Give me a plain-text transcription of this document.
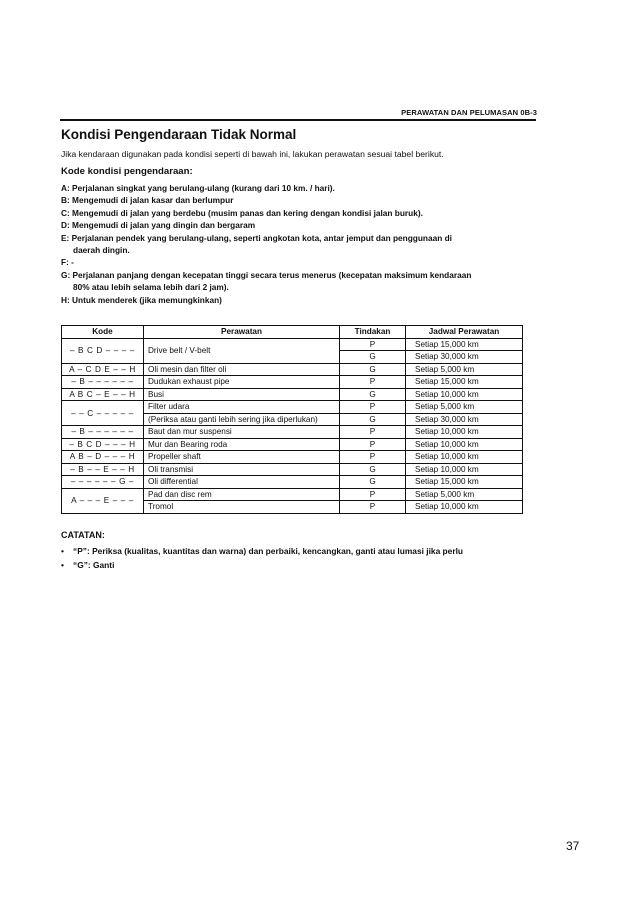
PERAWATAN DAN PELUMASAN 0B-3
Kondisi Pengendaraan Tidak Normal
Jika kendaraan digunakan pada kondisi seperti di bawah ini, lakukan perawatan sesuai tabel berikut.
Kode kondisi pengendaraan:
A: Perjalanan singkat yang berulang-ulang (kurang dari 10 km. / hari).
B: Mengemudi di jalan kasar dan berlumpur
C: Mengemudi di jalan yang berdebu (musim panas dan kering dengan kondisi jalan buruk).
D: Mengemudi di jalan yang dingin dan bergaram
E: Perjalanan pendek yang berulang-ulang, seperti angkotan kota, antar jemput dan penggunaan di
daerah dingin.
F: -
G: Perjalanan panjang dengan kecepatan tinggi secara terus menerus (kecepatan maksimum kendaraan
80% atau lebih selama lebih dari 2 jam).
H: Untuk menderek (jika memungkinkan)
Kode	Perawatan	Tindakan	Jadwal Perawatan
– B C D – – – –	Drive belt / V-belt	P	Setiap 15,000 km
		G	Setiap 30,000 km
A – C D E – – H	Oli mesin dan filter oli	G	Setiap 5,000 km
– B – – – – – –	Dudukan exhaust pipe	P	Setiap 15,000 km
A B C – E – – H	Busi	G	Setiap 10,000 km
– – C – – – – –	Filter udara	P	Setiap 5,000 km
	(Periksa atau ganti lebih sering jika diperlukan)	G	Setiap 30,000 km
– B – – – – – –	Baut dan mur suspensi	P	Setiap 10,000 km
– B C D – – – H	Mur dan Bearing roda	P	Setiap 10,000 km
A B – D – – – H	Propeller shaft	P	Setiap 10,000 km
– B – – E – – H	Oli transmisi	G	Setiap 10,000 km
– – – – – – G –	Oli differential	G	Setiap 15,000 km
A – – – E – – –	Pad dan disc rem	P	Setiap 5,000 km
	Tromol	P	Setiap 10,000 km
CATATAN:
• “P”: Periksa (kualitas, kuantitas dan warna) dan perbaiki, kencangkan, ganti atau lumasi jika perlu
• “G”: Ganti
37
